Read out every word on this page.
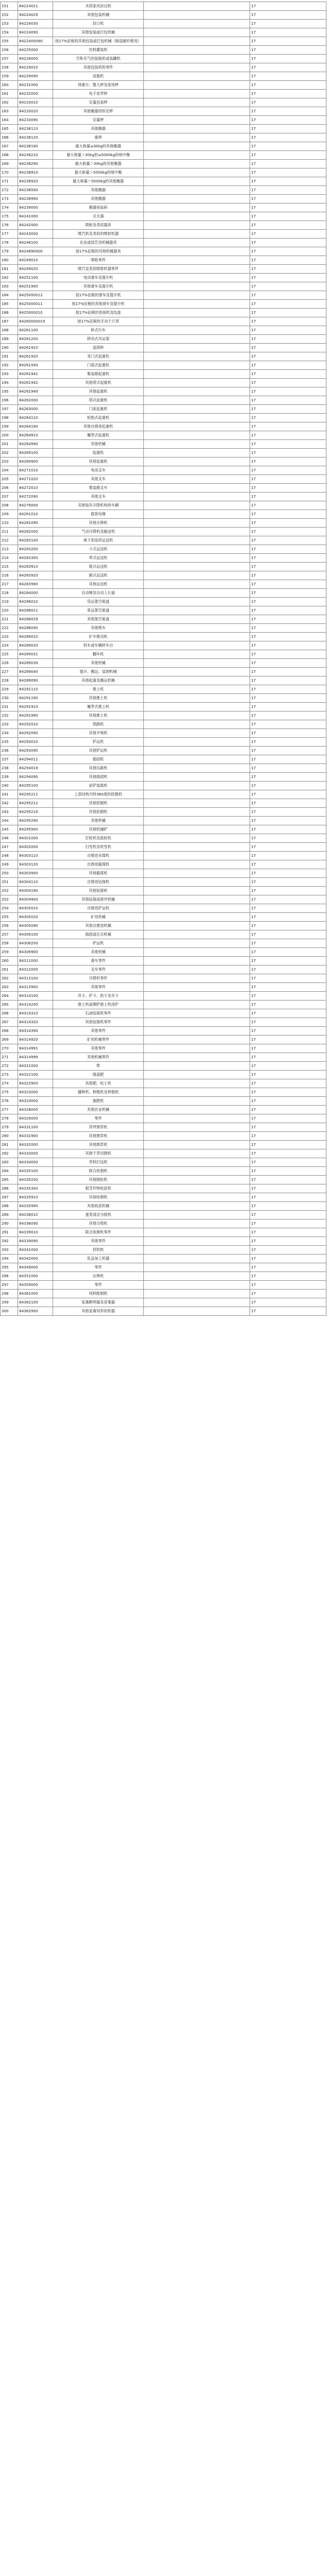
151	84224021	木质家具封边机		17
152	84224029	其他包装机械		17
153	84224030	封口机		17
154	84224090	其他包装或打包机械		17
155	8422400090	按17%征税的其他包装或打包机械（制造碳纤维用）		17
156	84225000	饮料灌装机		17
157	84226000	空和充气的装瓶机或装罐机		17
158	84229010	其他包装机的零件		17
159	84229090	洗瓶机		17
160	84231000	体重计，婴儿秤及家用秤		17
161	84232000	电子皮带秤		17
162	84233010	定量包装秤		17
163	84233020	其他衡器用恒定秤		17
164	84233090	定量秤		17
165	84238110	其他衡器		17
166	84238120	重秤		17
167	84238190	最大称量≤30kg的其他衡器		17
168	84238210	最大称量＞30kg但≤5000kg的地中衡		17
169	84238290	最大称量＞30kg的其他衡器		17
170	84238910	最大称量＞5000kg的地中衡		17
171	84238920	最大称量＞5000kg的其他衡器		17
172	84238930	其他衡器		17
173	84238990	其他衡器		17
174	84239000	衡器用砝码		17
175	84241000	灭火器		17
176	84242000	喷枪及类似器具		17
177	84243000	喷汽机及类似的喷射机器		17
178	84248100	农业或园艺用机械器具		17
179	8424890000	按17%征税的其他机械器具		17
180	84249010	喷枪零件		17
181	84249020	喷汽及类似喷射机器零件		17
182	84251100	电动滑车及提升机		17
183	84251900	其他滑车及提升机		17
184	8425000012	按17%征税的滑车及提升机		17
185	8425000011	按17%征税的其他滑车及提升机		17
186	8425000010	按17%征税的卷扬机及绞盘		17
187	84260000019	按17%征税的手动千斤顶		17
188	84261100	桥式行车		17
189	84261200	移动式吊运架		17
190	84261910	装卸桥		17
191	84261920	龙门式起重机		17
192	84261930	门座式起重机		17
193	84261941	集装箱起重机		17
194	84261942	其他塔式起重机		17
195	84261949	其他起重机		17
196	84262000	塔式起重机		17
197	84263000	门座起重机		17
198	84264110	轮胎式起重机		17
199	84264190	其他自推进起重机		17
200	84264910	履带式起重机		17
201	84264990	其他机械		17
202	84269100	起重机		17
203	84269900	其他起重机		17
204	84271010	电动叉车		17
205	84271020	其他叉车		17
206	84272010	集装箱叉车		17
207	84272090	其他叉车		17
208	84279000	其他装有升降机构的车辆		17
209	84281010	载客电梯		17
210	84281090	其他升降机		17
211	84282000	气动升降机及输送机		17
212	84283100	地下用连续运送机		17
213	84283200	斗式运送机		17
214	84283300	带式运送机		17
215	84283910	链式运送机		17
216	84283920	辊式运送机		17
217	84283990	其他运送机		17
218	84284000	自动梯及自动人行道		17
219	84286010	货运架空索道		17
220	84286021	客运架空索道		17
221	84286029	其他架空索道		17
222	84286090	其他缆车		17
223	84289010	矿车推动机		17
224	84289020	机车或车辆转车台		17
225	84289031	翻车机		17
226	84289039	其他机械		17
227	84289040	提升、搬运、装卸机械		17
228	84289090	其他起重及搬运机械		17
229	84291110	推土机		17
230	84291190	其他推土机		17
231	84291910	履带式推土机		17
232	84291990	其他推土机		17
233	84292010	筑路机		17
234	84292090	其他平地机		17
235	84293010	铲运机		17
236	84293090	其他铲运机		17
237	84294011	捣固机		17
238	84294019	其他压路机		17
239	84294090	其他捣固机		17
240	84295100	前铲装载机		17
241	84295211	上部结构可转360度的挖掘机		17
242	84295212	其他挖掘机		17
243	84295219	其他挖掘机		17
244	84295290	其他机械		17
245	84295900	其他机械铲		17
246	84301000	打桩机及拔桩机		17
247	84302000	扫雪机及吹雪机		17
248	84303110	自推进采煤机		17
249	84303120	自推进截煤机		17
250	84303900	其他截煤机		17
251	84304110	自推进钻探机		17
252	84304190	其他钻探机		17
253	84304900	其他钻探或凿井机械		17
254	84305010	自推进铲运机		17
255	84305020	矿用机械		17
256	84305090	其他自推进机械		17
257	84306100	捣固或压实机械		17
258	84306200	铲运机		17
259	84306900	其他机械		17
260	84311000	滑车零件		17
261	84312000	叉车零件		17
262	84313100	升降机零件		17
263	84313900	其他零件		17
264	84314100	戽斗、铲斗、抓斗及夹斗		17
265	84314200	推土机或侧铲推土机用铲		17
266	84314310	石油钻探机零件		17
267	84314320	其他钻探机零件		17
268	84314390	其他零件		17
269	84314920	矿用机械零件		17
270	84314991	其他零件		17
271	84314999	其他机械零件		17
272	84321000	犁		17
273	84322100	圆盘耙		17
274	84322900	其他耙、松土机		17
275	84323000	播种机、种植机及移植机		17
276	84324000	施肥机		17
277	84328000	其他农业机械		17
278	84329000	零件		17
279	84331100	草坪割草机		17
280	84331900	其他割草机		17
281	84332000	其他割草机		17
282	84333000	其他干草切割机		17
283	84334000	草料打包机		17
284	84335100	联合收割机		17
285	84335200	其他脱粒机		17
286	84335300	根茎作物收获机		17
287	84335910	其他收割机		17
288	84335990	其他收获机械		17
289	84336010	蛋类清洁分级机		17
290	84336090	其他分级机		17
291	84339010	联合收割机零件		17
292	84339090	其他零件		17
293	84341000	挤奶机		17
294	84342000	乳品加工机器		17
295	84349000	零件		17
296	84351000	压榨机		17
297	84359000	零件		17
298	84361000	饲料配制机		17
299	84362100	家禽孵卵器及育雏器		17
300	84362900	其他家禽饲养用机器		17
